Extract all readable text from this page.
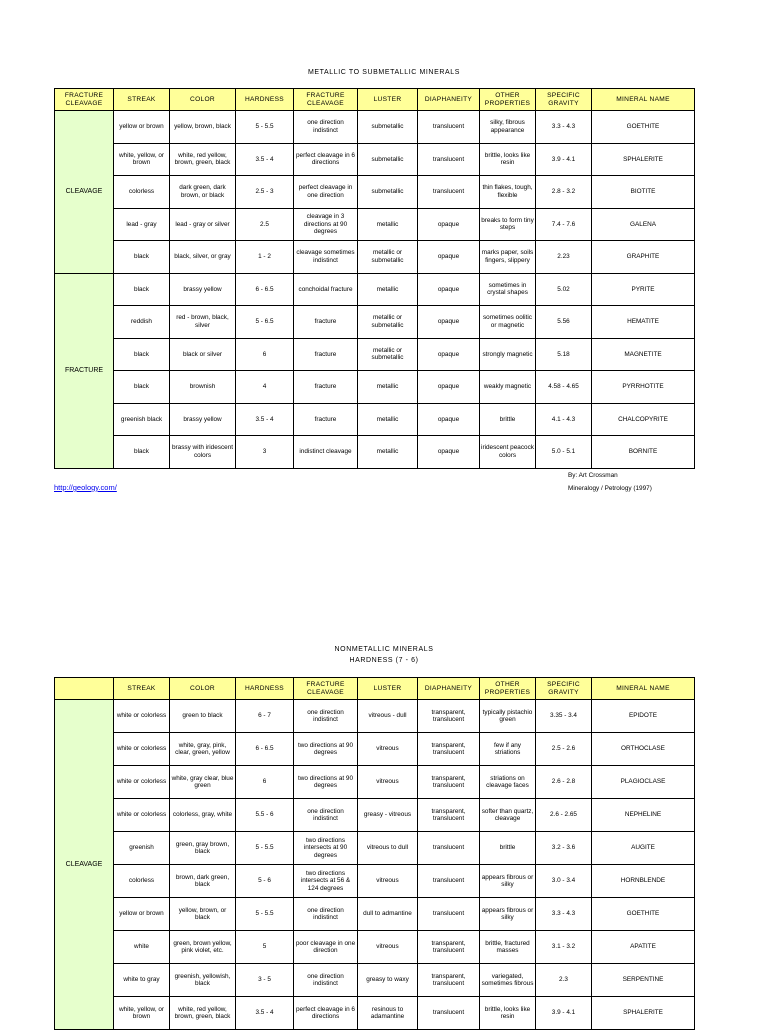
METALLIC TO SUBMETALLIC MINERALS
FRACTURE CLEAVAGE	STREAK	COLOR	HARDNESS	FRACTURE CLEAVAGE	LUSTER	DIAPHANEITY	OTHER PROPERTIES	SPECIFIC GRAVITY	MINERAL NAME
CLEAVAGE	yellow or brown	yellow, brown, black	5 - 5.5	one direction indistinct	submetallic	translucent	silky, fibrous appearance	3.3 - 4.3	GOETHITE
	white, yellow, or brown	white, red yellow, brown, green, black	3.5 - 4	perfect cleavage in 6 directions	submetallic	translucent	brittle, looks like resin	3.9 - 4.1	SPHALERITE
	colorless	dark green, dark brown, or black	2.5 - 3	perfect cleavage in one direction	submetallic	translucent	thin flakes, tough, flexible	2.8 - 3.2	BIOTITE
	lead - gray	lead - gray or silver	2.5	cleavage in 3 directions at 90 degrees	metallic	opaque	breaks to form tiny steps	7.4 - 7.6	GALENA
	black	black, silver, or gray	1 - 2	cleavage sometimes indistinct	metallic or submetallic	opaque	marks paper, soils fingers, slippery	2.23	GRAPHITE
FRACTURE	black	brassy yellow	6 - 6.5	conchoidal fracture	metallic	opaque	sometimes in crystal shapes	5.02	PYRITE
	reddish	red - brown, black, silver	5 - 6.5	fracture	metallic or submetallic	opaque	sometimes oolitic or magnetic	5.56	HEMATITE
	black	black or silver	6	fracture	metallic or submetallic	opaque	strongly magnetic	5.18	MAGNETITE
	black	brownish	4	fracture	metallic	opaque	weakly magnetic	4.58 - 4.65	PYRRHOTITE
	greenish black	brassy yellow	3.5 - 4	fracture	metallic	opaque	brittle	4.1 - 4.3	CHALCOPYRITE
	black	brassy with iridescent colors	3	indistinct cleavage	metallic	opaque	iridescent peacock colors	5.0 - 5.1	BORNITE
By: Art Crossman
Mineralogy / Petrology (1997)
http://geology.com/
NONMETALLIC MINERALS
HARDNESS (7 - 6)
	STREAK	COLOR	HARDNESS	FRACTURE CLEAVAGE	LUSTER	DIAPHANEITY	OTHER PROPERTIES	SPECIFIC GRAVITY	MINERAL NAME
CLEAVAGE	white or colorless	green to black	6 - 7	one direction indistinct	vitreous - dull	transparent, translucent	typically pistachio green	3.35 - 3.4	EPIDOTE
	white or colorless	white, gray, pink, clear, green, yellow	6 - 6.5	two directions at 90 degrees	vitreous	transparent, translucent	few if any striations	2.5 - 2.6	ORTHOCLASE
	white or colorless	white, gray clear, blue green	6	two directions at 90 degrees	vitreous	transparent, translucent	striations on cleavage faces	2.6 - 2.8	PLAGIOCLASE
	white or colorless	colorless, gray, white	5.5 - 6	one direction indistinct	greasy - vitreous	transparent, translucent	softer than quartz, cleavage	2.6 - 2.65	NEPHELINE
	greenish	green, gray brown, black	5 - 5.5	two directions intersects at 90 degrees	vitreous to dull	translucent	brittle	3.2 - 3.6	AUGITE
	colorless	brown, dark green, black	5 - 6	two directions intersects at 56 & 124 degrees	vitreous	translucent	appears fibrous or silky	3.0 - 3.4	HORNBLENDE
	yellow or brown	yellow, brown, or black	5 - 5.5	one direction indistinct	dull to admantine	translucent	appears fibrous or silky	3.3 - 4.3	GOETHITE
	white	green, brown yellow, pink violet, etc.	5	poor cleavage in one direction	vitreous	transparent, translucent	brittle, fractured masses	3.1 - 3.2	APATITE
	white to gray	greenish, yellowish, black	3 - 5	one direction indistinct	greasy to waxy	transparent, translucent	variegated, sometimes fibrous	2.3	SERPENTINE
	white, yellow, or brown	white, red yellow, brown, green, black	3.5 - 4	perfect cleavage in 6 directions	resinous to adamantine	translucent	brittle, looks like resin	3.9 - 4.1	SPHALERITE
